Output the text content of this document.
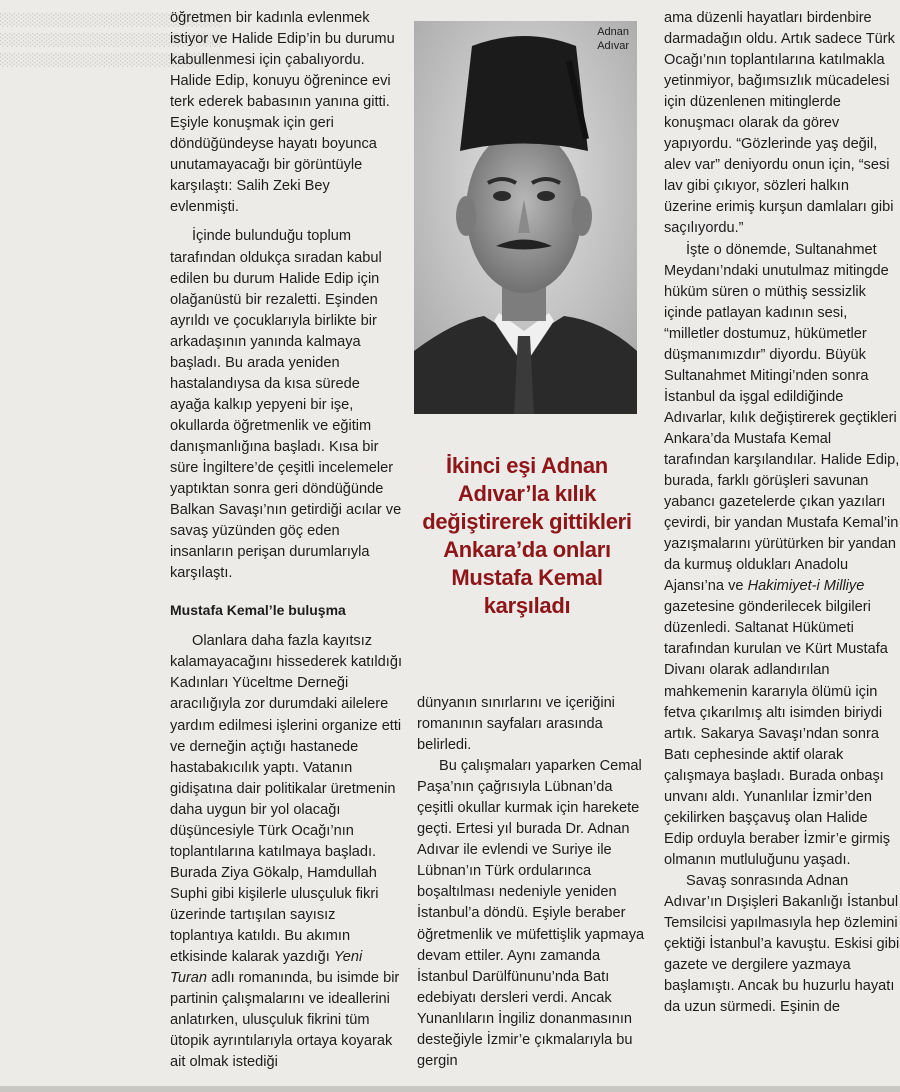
░░░░░░░░░░░░░░░░░░░░░░░░
░░░░░░░░░░░░░░░░░░░░░░░░
░░░░░░░░░░░░░░░░░░░░░░░░

öğretmen bir kadınla evlenmek istiyor ve Halide Edip’in bu durumu kabullenmesi için çabalıyordu. Halide Edip, konuyu öğrenince evi terk ederek babasının yanına gitti. Eşiyle konuşmak için geri döndüğündeyse hayatı boyunca unutamayacağı bir görüntüyle karşılaştı: Salih Zeki Bey evlenmişti.

İçinde bulunduğu toplum tarafından oldukça sıradan kabul edilen bu durum Halide Edip için olağanüstü bir rezaletti. Eşinden ayrıldı ve çocuklarıyla birlikte bir arkadaşının yanında kalmaya başladı. Bu arada yeniden hastalandıysa da kısa sürede ayağa kalkıp yepyeni bir işe, okullarda öğretmenlik ve eğitim danışmanlığına başladı. Kısa bir süre İngiltere’de çeşitli incelemeler yaptıktan sonra geri döndüğünde Balkan Savaşı’nın getirdiği acılar ve savaş yüzünden göç eden insanların perişan durumlarıyla karşılaştı.

Mustafa Kemal’le buluşma

Olanlara daha fazla kayıtsız kalamayacağını hissederek katıldığı Kadınları Yüceltme Derneği aracılığıyla zor durumdaki ailelere yardım edilmesi işlerini organize etti ve derneğin açtığı hastanede hastabakıcılık yaptı. Vatanın gidişatına dair politikalar üretmenin daha uygun bir yol olacağı düşüncesiyle Türk Ocağı’nın toplantılarına katılmaya başladı. Burada Ziya Gökalp, Hamdullah Suphi gibi kişilerle ulusçuluk fikri üzerinde tartışılan sayısız toplantıya katıldı. Bu akımın etkisinde kalarak yazdığı Yeni Turan adlı romanında, bu isimde bir partinin çalışmalarını ve ideallerini anlatırken, ulusçuluk fikrini tüm ütopik ayrıntılarıyla ortaya koyarak ait olmak istediği

Adnan
Adıvar
İkinci eşi Adnan Adıvar’la kılık değiştirerek gittikleri Ankara’da onları Mustafa Kemal karşıladı

dünyanın sınırlarını ve içeriğini romanının sayfaları arasında belirledi.

Bu çalışmaları yaparken Cemal Paşa’nın çağrısıyla Lübnan’da çeşitli okullar kurmak için harekete geçti. Ertesi yıl burada Dr. Adnan Adıvar ile evlendi ve Suriye ile Lübnan’ın Türk ordularınca boşaltılması nedeniyle yeniden İstanbul’a döndü. Eşiyle beraber öğretmenlik ve müfettişlik yapmaya devam ettiler. Aynı zamanda İstanbul Darülfünunu’nda Batı edebiyatı dersleri verdi. Ancak Yunanlıların İngiliz donanmasının desteğiyle İzmir’e çıkmalarıyla bu gergin

ama düzenli hayatları birdenbire darmadağın oldu. Artık sadece Türk Ocağı’nın toplantılarına katılmakla yetinmiyor, bağımsızlık mücadelesi için düzenlenen mitinglerde konuşmacı olarak da görev yapıyordu. “Gözlerinde yaş değil, alev var” deniyordu onun için, “sesi lav gibi çıkıyor, sözleri halkın üzerine erimiş kurşun damlaları gibi saçılıyordu.”

İşte o dönemde, Sultanahmet Meydanı’ndaki unutulmaz mitingde hüküm süren o müthiş sessizlik içinde patlayan kadının sesi, “milletler dostumuz, hükümetler düşmanımızdır” diyordu. Büyük Sultanahmet Mitingi’nden sonra İstanbul da işgal edildiğinde Adıvarlar, kılık değiştirerek geçtikleri Ankara’da Mustafa Kemal tarafından karşılandılar. Halide Edip, burada, farklı görüşleri savunan yabancı gazetelerde çıkan yazıları çevirdi, bir yandan Mustafa Kemal’in yazışmalarını yürütürken bir yandan da kurmuş oldukları Anadolu Ajansı’na ve Hakimiyet-i Milliye gazetesine gönderilecek bilgileri düzenledi. Saltanat Hükümeti tarafından kurulan ve Kürt Mustafa Divanı olarak adlandırılan mahkemenin kararıyla ölümü için fetva çıkarılmış altı isimden biriydi artık. Sakarya Savaşı’ndan sonra Batı cephesinde aktif olarak çalışmaya başladı. Burada onbaşı unvanı aldı. Yunanlılar İzmir’den çekilirken başçavuş olan Halide Edip orduyla beraber İzmir’e girmiş olmanın mutluluğunu yaşadı.

Savaş sonrasında Adnan Adıvar’ın Dışişleri Bakanlığı İstanbul Temsilcisi yapılmasıyla hep özlemini çektiği İstanbul’a kavuştu. Eskisi gibi gazete ve dergilere yazmaya başlamıştı. Ancak bu huzurlu hayatı da uzun sürmedi. Eşinin de
